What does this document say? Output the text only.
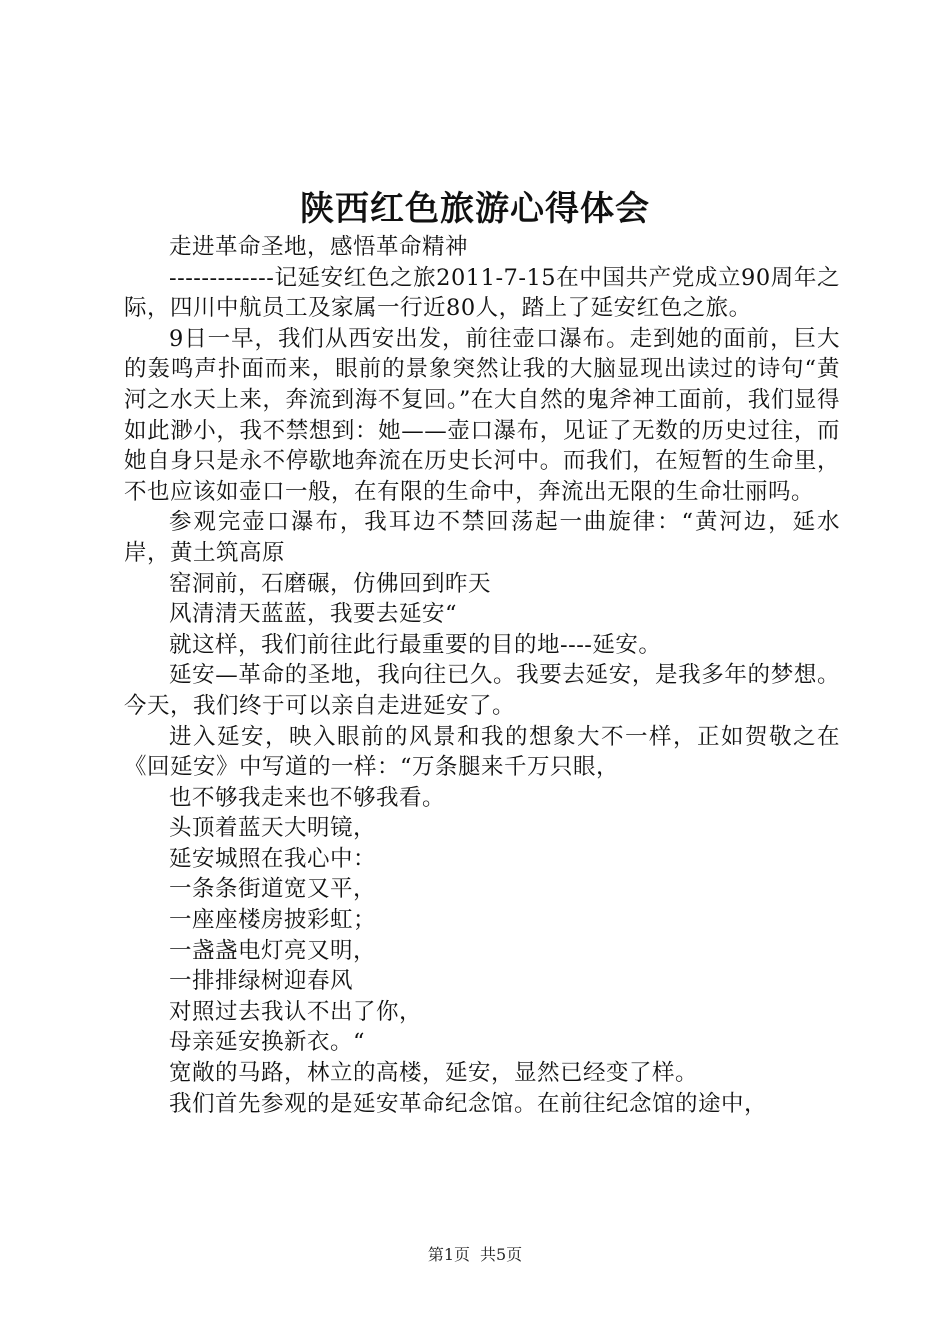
陕西红色旅游心得体会

走进革命圣地，感悟革命精神

-------------记延安红色之旅2011-7-15在中国共产党成立90周年之际，四川中航员工及家属一行近80人，踏上了延安红色之旅。

9日一早，我们从西安出发，前往壶口瀑布。走到她的面前，巨大的轰鸣声扑面而来，眼前的景象突然让我的大脑显现出读过的诗句“黄河之水天上来，奔流到海不复回。”在大自然的鬼斧神工面前，我们显得如此渺小，我不禁想到：她——壶口瀑布，见证了无数的历史过往，而她自身只是永不停歇地奔流在历史长河中。而我们，在短暂的生命里，不也应该如壶口一般，在有限的生命中，奔流出无限的生命壮丽吗。

参观完壶口瀑布，我耳边不禁回荡起一曲旋律：“黄河边，延水岸，黄土筑高原

窑洞前，石磨碾，仿佛回到昨天

风清清天蓝蓝，我要去延安“

就这样，我们前往此行最重要的目的地----延安。

延安—革命的圣地，我向往已久。我要去延安，是我多年的梦想。今天，我们终于可以亲自走进延安了。

进入延安，映入眼前的风景和我的想象大不一样，正如贺敬之在《回延安》中写道的一样：“万条腿来千万只眼，

也不够我走来也不够我看。

头顶着蓝天大明镜，

延安城照在我心中：

一条条街道宽又平，

一座座楼房披彩虹；

一盏盏电灯亮又明，

一排排绿树迎春风

对照过去我认不出了你，

母亲延安换新衣。“

宽敞的马路，林立的高楼，延安，显然已经变了样。

我们首先参观的是延安革命纪念馆。在前往纪念馆的途中，

第1页 共5页
